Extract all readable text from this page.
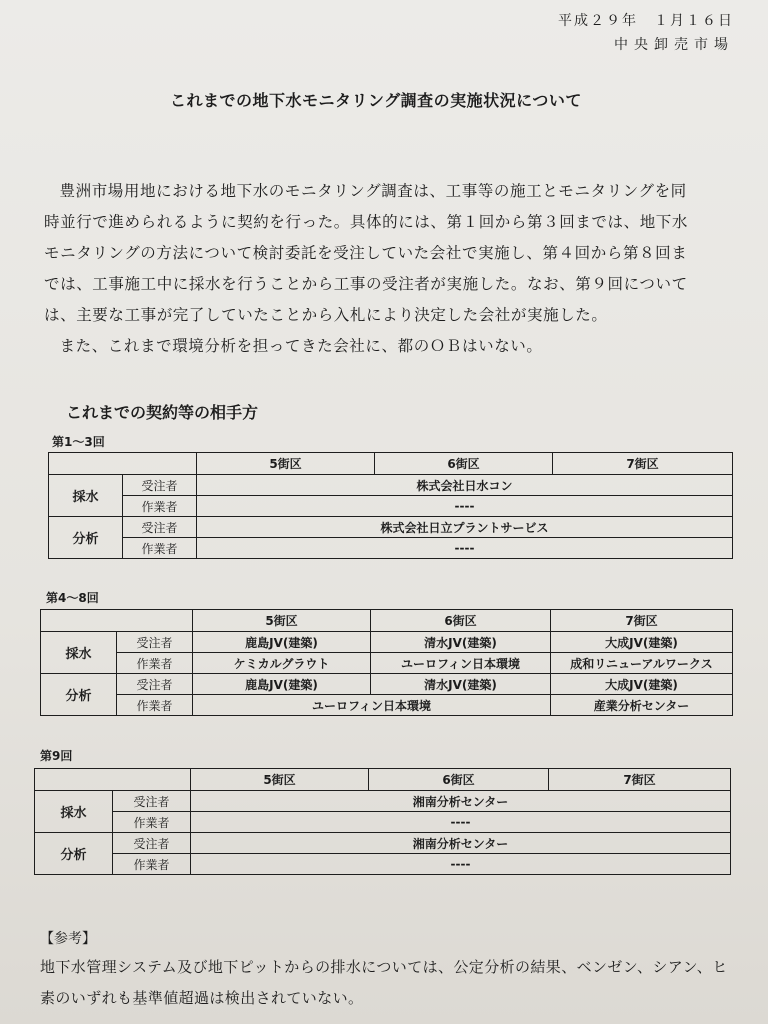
平成２９年　１月１６日
中央卸売市場
これまでの地下水モニタリング調査の実施状況について

豊洲市場用地における地下水のモニタリング調査は、工事等の施工とモニタリングを同

時並行で進められるように契約を行った。具体的には、第１回から第３回までは、地下水

モニタリングの方法について検討委託を受注していた会社で実施し、第４回から第８回ま

では、工事施工中に採水を行うことから工事の受注者が実施した。なお、第９回について

は、主要な工事が完了していたことから入札により決定した会社が実施した。

また、これまで環境分析を担ってきた会社に、都のＯＢはいない。

これまでの契約等の相手方
第1～3回
		5街区	6街区	7街区
採水	受注者	株式会社日水コン		
	作業者	----		
分析	受注者	株式会社日立プラントサービス		
	作業者	----		
第4～8回
		5街区	6街区	7街区
採水	受注者	鹿島JV(建築)	清水JV(建築)	大成JV(建築)
	作業者	ケミカルグラウト	ユーロフィン日本環境	成和リニューアルワークス
分析	受注者	鹿島JV(建築)	清水JV(建築)	大成JV(建築)
	作業者	ユーロフィン日本環境		産業分析センター
第9回
		5街区	6街区	7街区
採水	受注者	湘南分析センター		
	作業者	----		
分析	受注者	湘南分析センター		
	作業者	----		
【参考】

地下水管理システム及び地下ピットからの排水については、公定分析の結果、ベンゼン、シアン、ヒ

素のいずれも基準値超過は検出されていない。
